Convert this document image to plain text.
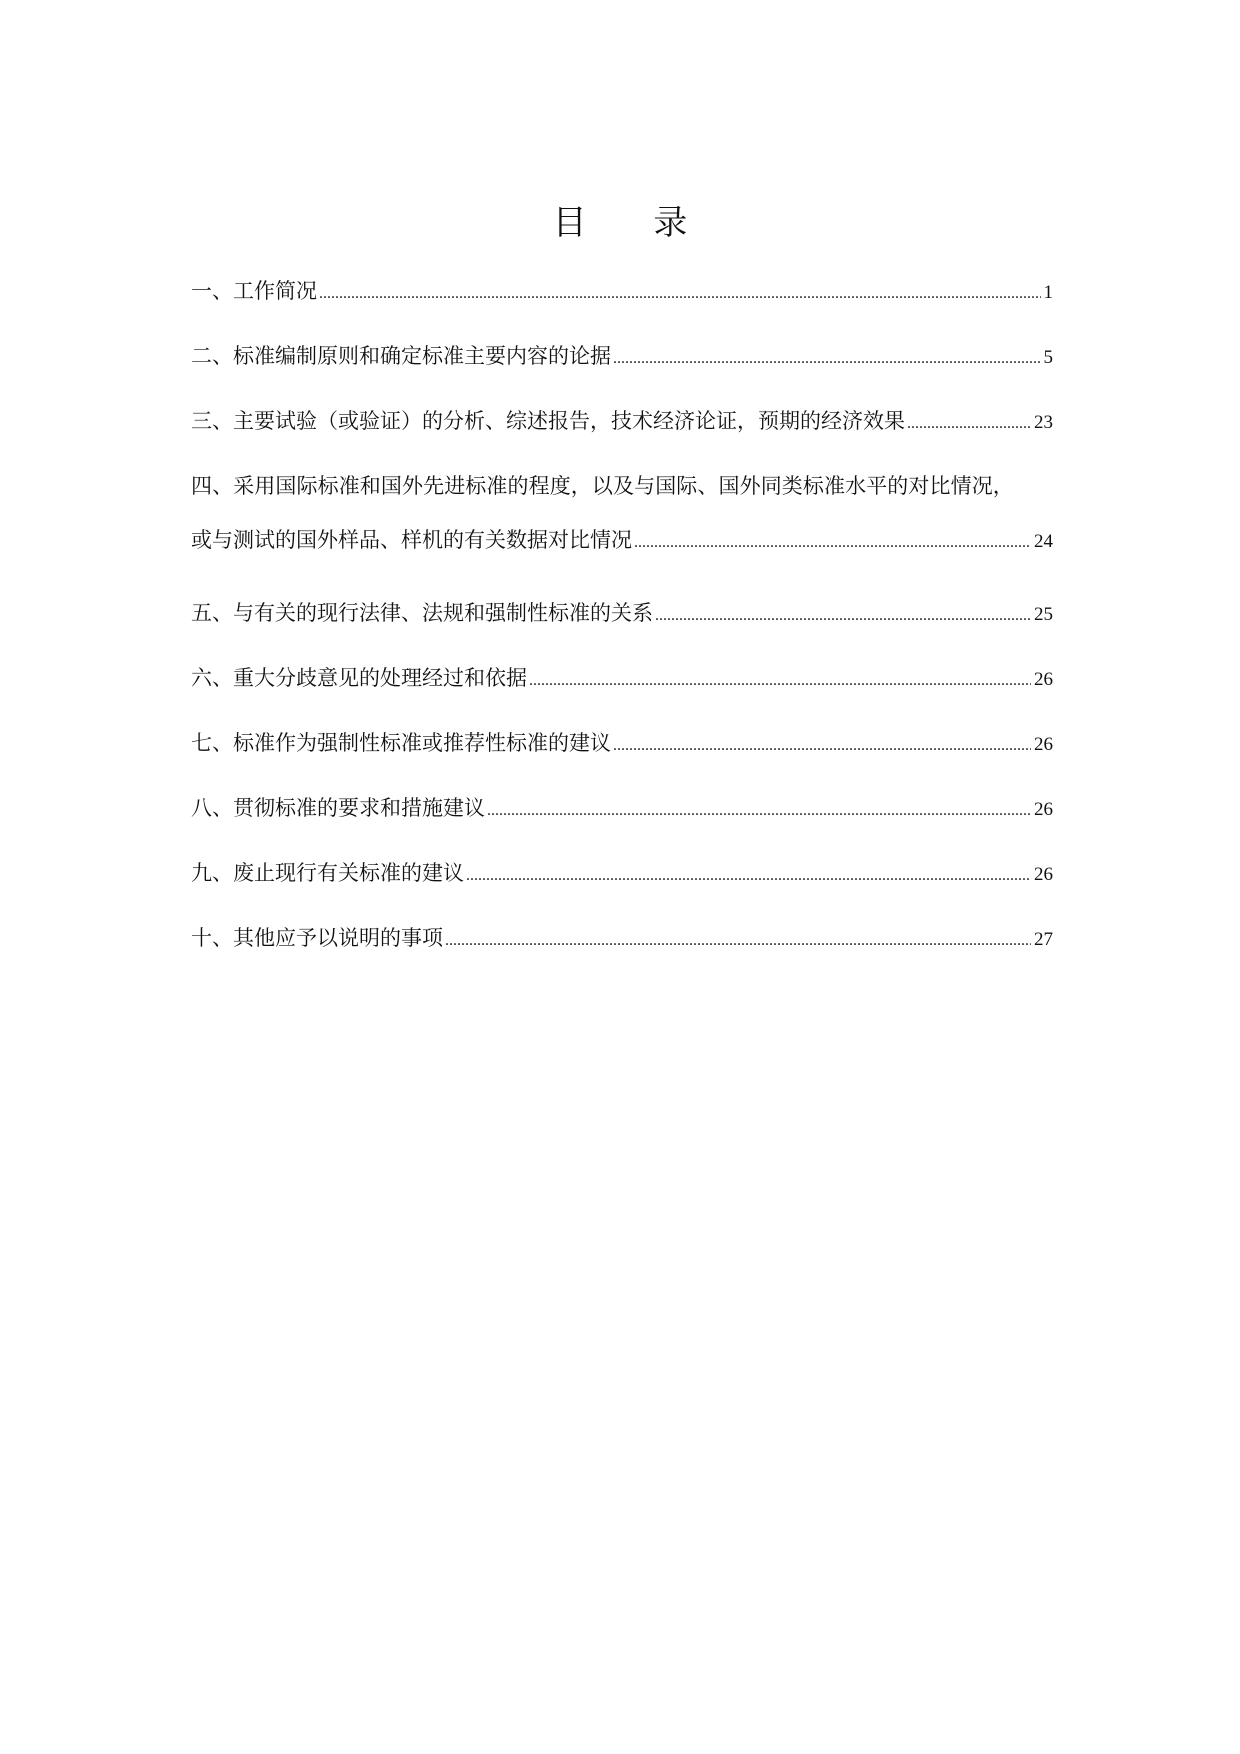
目 录
一、工作简况 .....	1
二、标准编制原则和确定标准主要内容的论据 .....	5
三、主要试验（或验证）的分析、综述报告，技术经济论证，预期的经济效果 .....	23
四、采用国际标准和国外先进标准的程度，以及与国际、国外同类标准水平的对比情况，
或与测试的国外样品、样机的有关数据对比情况 .....	24
五、与有关的现行法律、法规和强制性标准的关系 .....	25
六、重大分歧意见的处理经过和依据 .....	26
七、标准作为强制性标准或推荐性标准的建议 .....	26
八、贯彻标准的要求和措施建议 .....	26
九、废止现行有关标准的建议 .....	26
十、其他应予以说明的事项 .....	27
